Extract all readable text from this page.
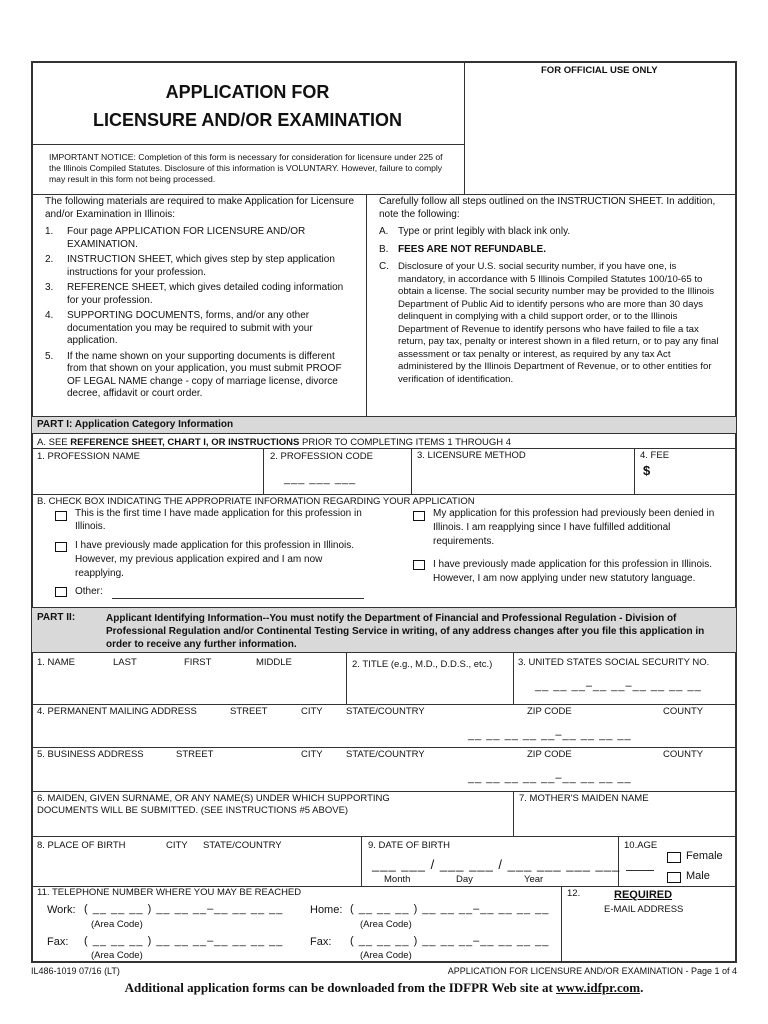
APPLICATION FOR
LICENSURE AND/OR EXAMINATION
FOR OFFICIAL USE ONLY
IMPORTANT NOTICE: Completion of this form is necessary for consideration for licensure under 225 of the Illinois Compiled Statutes. Disclosure of this information is VOLUNTARY. However, failure to comply may result in this form not being processed.
The following materials are required to make Application for Licensure and/or Examination in Illinois:
1.	Four page APPLICATION FOR LICENSURE AND/OR EXAMINATION.
2.	INSTRUCTION SHEET, which gives step by step application instructions for your profession.
3.	REFERENCE SHEET, which gives detailed coding information for your profession.
4.	SUPPORTING DOCUMENTS, forms, and/or any other documentation you may be required to submit with your application.
5.	If the name shown on your supporting documents is different from that shown on your application, you must submit PROOF OF LEGAL NAME change - copy of marriage license, divorce decree, affidavit or court order.
Carefully follow all steps outlined on the INSTRUCTION SHEET. In addition, note the following:
A. Type or print legibly with black ink only.
B. FEES ARE NOT REFUNDABLE.
C. Disclosure of your U.S. social security number, if you have one, is mandatory, in accordance with 5 Illinois Compiled Statutes 100/10-65 to obtain a license. The social security number may be provided to the Illinois Department of Public Aid to identify persons who are more than 30 days delinquent in complying with a child support order, or to the Illinois Department of Revenue to identify persons who have failed to file a tax return, pay tax, penalty or interest shown in a filed return, or to pay any final assessment or tax penalty or interest, as required by any tax Act administered by the Illinois Department of Revenue, or to other entities for verification of identification.
PART I: Application Category Information
A. SEE REFERENCE SHEET, CHART I, OR INSTRUCTIONS PRIOR TO COMPLETING ITEMS 1 THROUGH 4
1. PROFESSION NAME	2. PROFESSION CODE
___ ___ ___
3. LICENSURE METHOD	4. FEE
$
B. CHECK BOX INDICATING THE APPROPRIATE INFORMATION REGARDING YOUR APPLICATION
This is the first time I have made application for this profession in Illinois.
I have previously made application for this profession in Illinois. However, my previous application expired and I am now reapplying.
Other:
My application for this profession had previously been denied in Illinois. I am reapplying since I have fulfilled additional requirements.
I have previously made application for this profession in Illinois. However, I am now applying under new statutory language.
PART II:	Applicant Identifying Information--You must notify the Department of Financial and Professional Regulation - Division of Professional Regulation and/or Continental Testing Service in writing, of any address changes after you file this application in order to receive any further information.
1. NAME	LAST	FIRST	MIDDLE	2. TITLE (e.g., M.D., D.D.S., etc.)	3. UNITED STATES SOCIAL SECURITY NO.
__ __ __–__ __–__ __ __ __
4. PERMANENT MAILING ADDRESS	STREET	CITY STATE/COUNTRY	ZIP CODE	COUNTY
__ __ __ __ __–__ __ __ __
5. BUSINESS ADDRESS	STREET	CITY STATE/COUNTRY	ZIP CODE	COUNTY
__ __ __ __ __–__ __ __ __
6. MAIDEN, GIVEN SURNAME, OR ANY NAME(S) UNDER WHICH SUPPORTING DOCUMENTS WILL BE SUBMITTED. (SEE INSTRUCTIONS #5 ABOVE)
7. MOTHER'S MAIDEN NAME
8. PLACE OF BIRTH	CITY STATE/COUNTRY	9. DATE OF BIRTH
___ ___ / ___ ___ / ___ ___ ___ ___
Month	Day	Year
10.AGE
Female
Male
11. TELEPHONE NUMBER WHERE YOU MAY BE REACHED
Work: ( __ __ __ ) __ __ __–__ __ __ __
(Area Code)
Home: ( __ __ __ ) __ __ __–__ __ __ __
(Area Code)
Fax: ( __ __ __ ) __ __ __–__ __ __ __
(Area Code)
Fax: ( __ __ __ ) __ __ __–__ __ __ __
(Area Code)
12.	REQUIRED
E-MAIL ADDRESS
IL486-1019 07/16 (LT)	APPLICATION FOR LICENSURE AND/OR EXAMINATION - Page 1 of 4
Additional application forms can be downloaded from the IDFPR Web site at www.idfpr.com.
